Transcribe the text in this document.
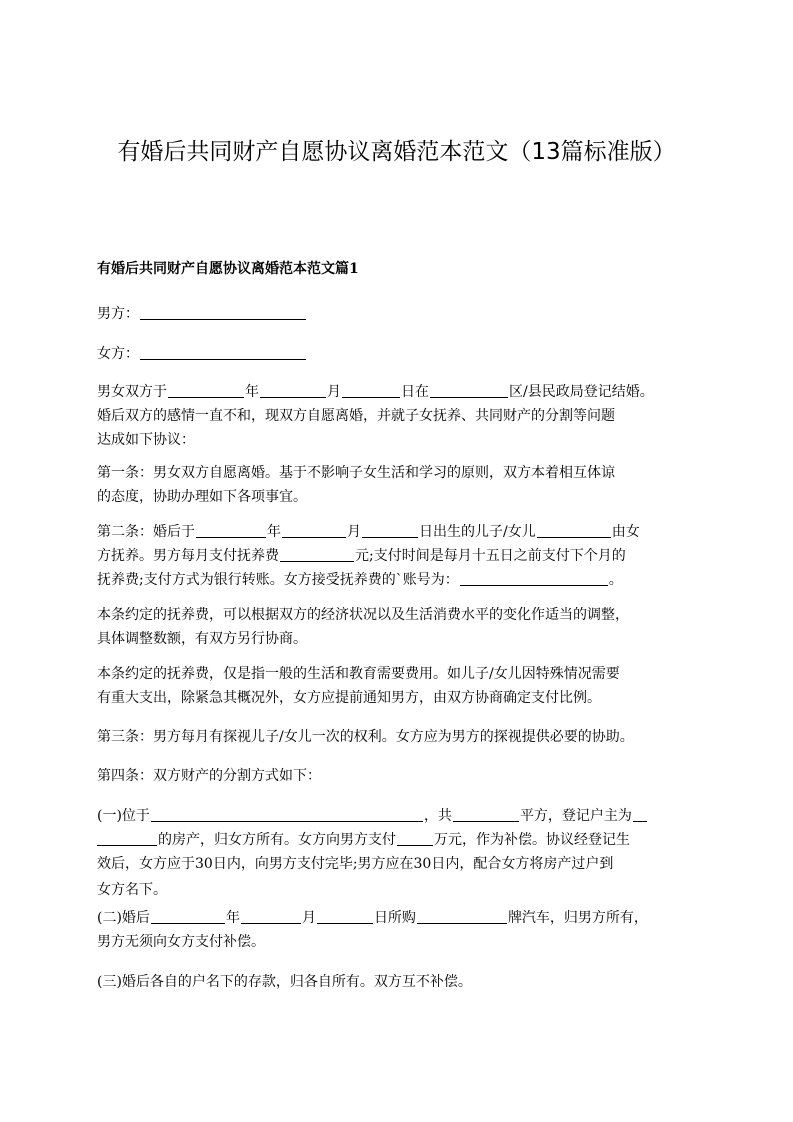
有婚后共同财产自愿协议离婚范本范文（13篇标准版）
有婚后共同财产自愿协议离婚范本范文篇1
男方：
女方：
男女双方于	年	月	日在	区/县民政局登记结婚。
婚后双方的感情一直不和，现双方自愿离婚，并就子女抚养、共同财产的分割等问题
达成如下协议：
第一条：男女双方自愿离婚。基于不影响子女生活和学习的原则，双方本着相互体谅
的态度，协助办理如下各项事宜。
第二条：婚后于	年	月	日出生的儿子/女儿	由女
方抚养。男方每月支付抚养费	元;支付时间是每月十五日之前支付下个月的
抚养费;支付方式为银行转账。女方接受抚养费的`账号为：	。
本条约定的抚养费，可以根据双方的经济状况以及生活消费水平的变化作适当的调整，
具体调整数额，有双方另行协商。
本条约定的抚养费，仅是指一般的生活和教育需要费用。如儿子/女儿因特殊情况需要
有重大支出，除紧急其概况外，女方应提前通知男方，由双方协商确定支付比例。
第三条：男方每月有探视儿子/女儿一次的权利。女方应为男方的探视提供必要的协助。
第四条：双方财产的分割方式如下：
(一)位于	，共	平方，登记户主为
的房产，归女方所有。女方向男方支付	万元，作为补偿。协议经登记生
效后，女方应于30日内，向男方支付完毕;男方应在30日内，配合女方将房产过户到
女方名下。
(二)婚后	年	月	日所购	牌汽车，归男方所有，
男方无须向女方支付补偿。
(三)婚后各自的户名下的存款，归各自所有。双方互不补偿。
